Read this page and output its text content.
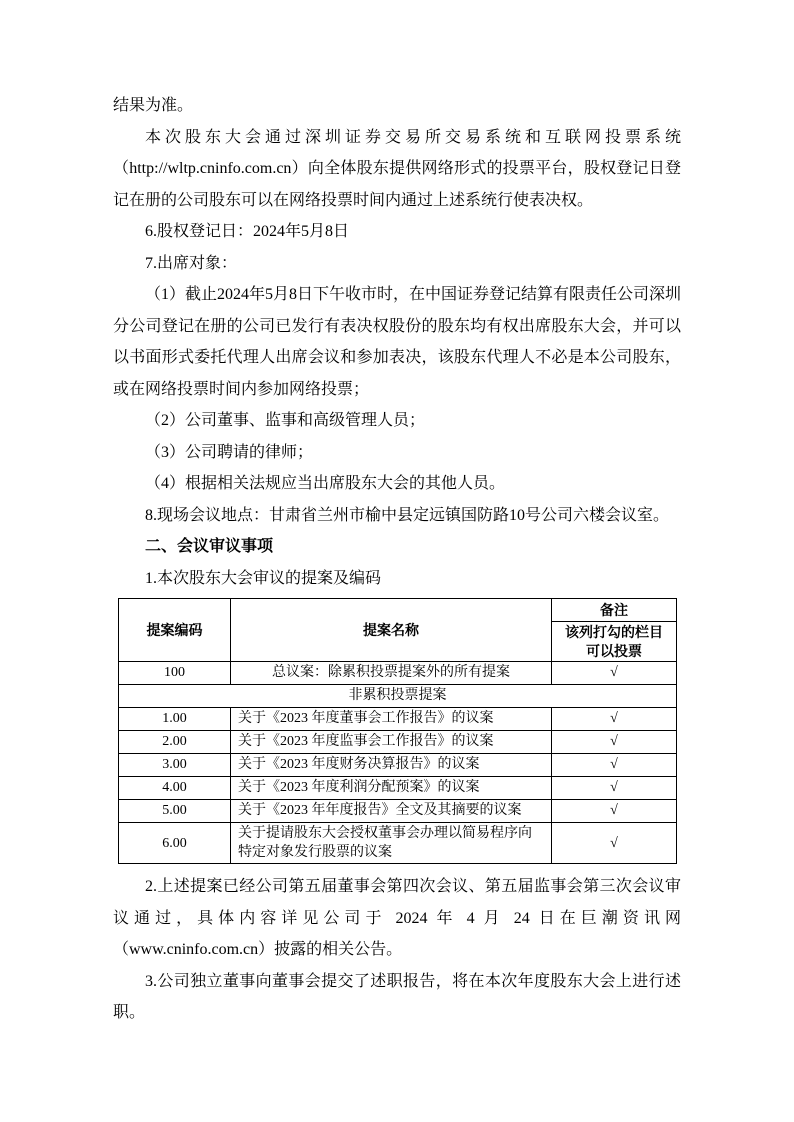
结果为准。

本次股东大会通过深圳证券交易所交易系统和互联网投票系统（http://wltp.cninfo.com.cn）向全体股东提供网络形式的投票平台，股权登记日登记在册的公司股东可以在网络投票时间内通过上述系统行使表决权。

6.股权登记日：2024年5月8日

7.出席对象：

（1）截止2024年5月8日下午收市时，在中国证券登记结算有限责任公司深圳分公司登记在册的公司已发行有表决权股份的股东均有权出席股东大会，并可以以书面形式委托代理人出席会议和参加表决，该股东代理人不必是本公司股东，或在网络投票时间内参加网络投票；

（2）公司董事、监事和高级管理人员；

（3）公司聘请的律师；

（4）根据相关法规应当出席股东大会的其他人员。

8.现场会议地点：甘肃省兰州市榆中县定远镇国防路10号公司六楼会议室。

二、会议审议事项

1.本次股东大会审议的提案及编码

提案编码	提案名称	备注
		该列打勾的栏目可以投票
100	总议案：除累积投票提案外的所有提案	√
非累积投票提案		
1.00	关于《2023 年度董事会工作报告》的议案	√
2.00	关于《2023 年度监事会工作报告》的议案	√
3.00	关于《2023 年度财务决算报告》的议案	√
4.00	关于《2023 年度利润分配预案》的议案	√
5.00	关于《2023 年年度报告》全文及其摘要的议案	√
6.00	关于提请股东大会授权董事会办理以简易程序向特定对象发行股票的议案	√

2.上述提案已经公司第五届董事会第四次会议、第五届监事会第三次会议审议通过，具体内容详见公司于 2024 年 4 月 24 日在巨潮资讯网（www.cninfo.com.cn）披露的相关公告。

3.公司独立董事向董事会提交了述职报告，将在本次年度股东大会上进行述职。
